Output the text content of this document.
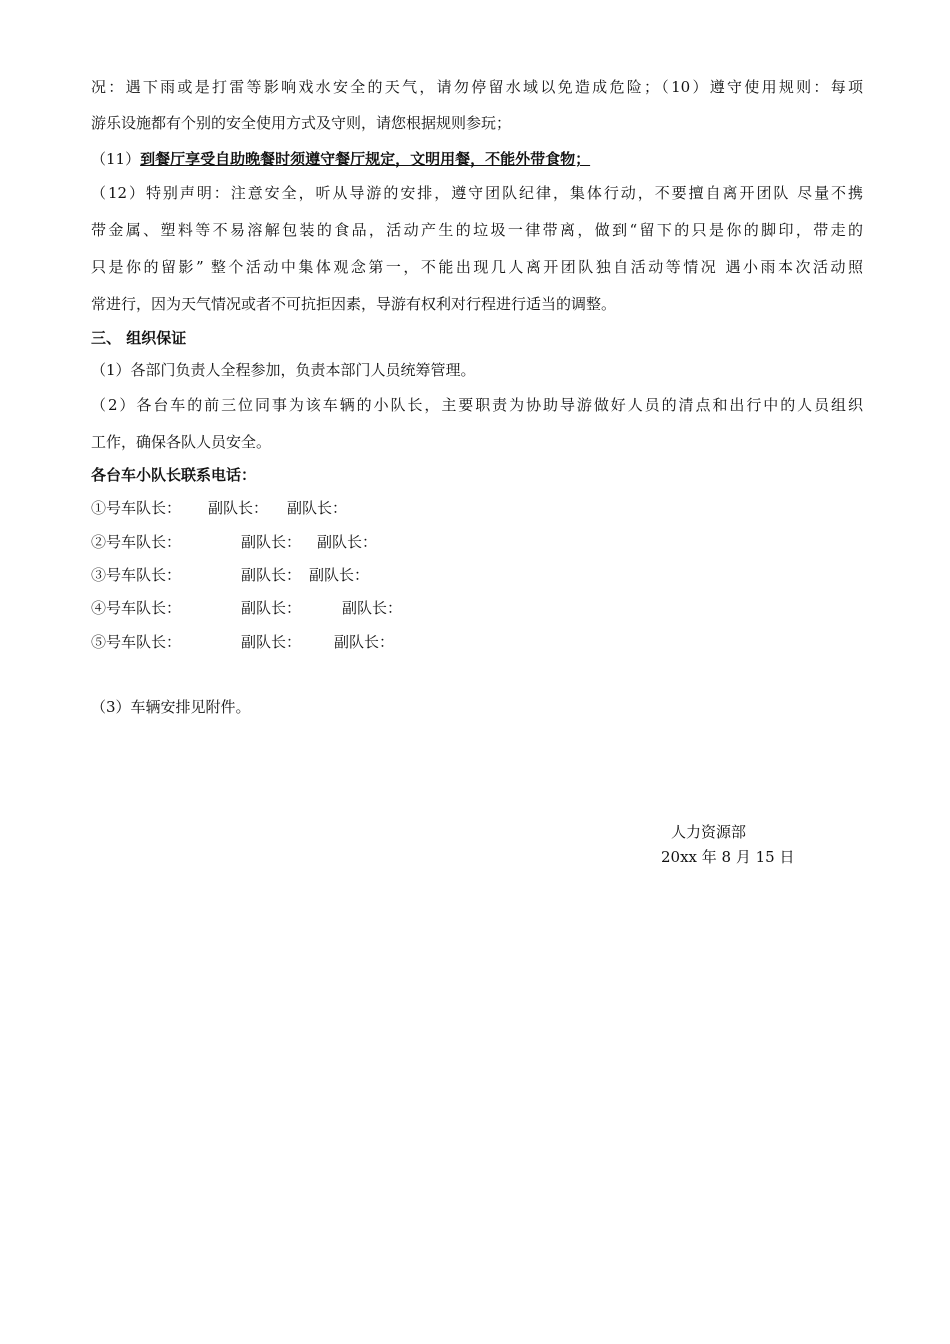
况：遇下雨或是打雷等影响戏水安全的天气，请勿停留水域以免造成危险；（10）遵守使用规则：每项
游乐设施都有个别的安全使用方式及守则，请您根据规则参玩；
（11）到餐厅享受自助晚餐时须遵守餐厅规定，文明用餐，不能外带食物；
（12）特别声明：注意安全，听从导游的安排，遵守团队纪律，集体行动，不要擅自离开团队 尽量不携
带金属、塑料等不易溶解包装的食品，活动产生的垃圾一律带离，做到“留下的只是你的脚印，带走的
只是你的留影” 整个活动中集体观念第一，不能出现几人离开团队独自活动等情况 遇小雨本次活动照
常进行，因为天气情况或者不可抗拒因素，导游有权利对行程进行适当的调整。
三、 组织保证
（1）各部门负责人全程参加，负责本部门人员统筹管理。
（2）各台车的前三位同事为该车辆的小队长，主要职责为协助导游做好人员的清点和出行中的人员组织
工作，确保各队人员安全。
各台车小队长联系电话：
①号车队长： 副队长： 副队长：
②号车队长：	副队长： 副队长：
③号车队长：	副队长： 副队长：
④号车队长：	副队长：	副队长：
⑤号车队长：	副队长： 副队长：
（3）车辆安排见附件。
人力资源部
20xx 年 8 月 15 日
